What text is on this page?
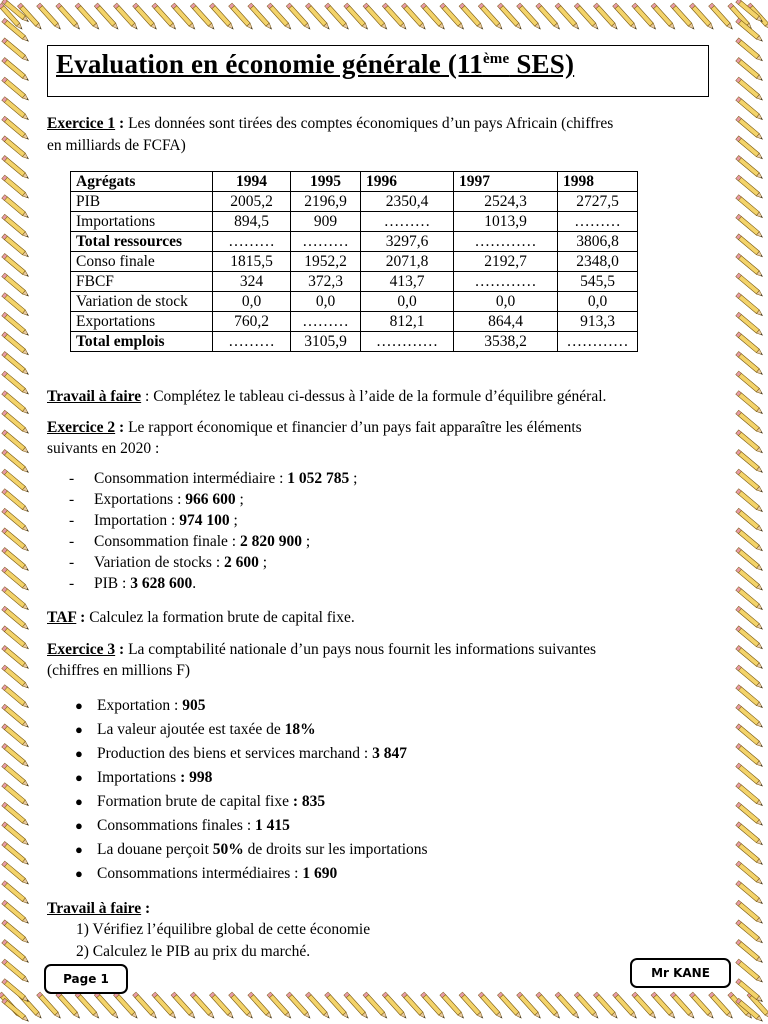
Evaluation en économie générale (11ème SES)
Exercice 1 : Les données sont tirées des comptes économiques d’un pays Africain (chiffres
en milliards de FCFA)
Agrégats	1994	1995	1996	1997	1998
PIB	2005,2	2196,9	2350,4	2524,3	2727,5
Importations	894,5	909	………	1013,9	………
Total ressources	………	………	3297,6	…………	3806,8
Conso finale	1815,5	1952,2	2071,8	2192,7	2348,0
FBCF	324	372,3	413,7	…………	545,5
Variation de stock	0,0	0,0	0,0	0,0	0,0
Exportations	760,2	………	812,1	864,4	913,3
Total emplois	………	3105,9	…………	3538,2	…………
Travail à faire : Complétez le tableau ci-dessus à l’aide de la formule d’équilibre général.
Exercice 2 : Le rapport économique et financier d’un pays fait apparaître les éléments
suivants en 2020 :
- Consommation intermédiaire : 1 052 785 ;
- Exportations : 966 600 ;
- Importation : 974 100 ;
- Consommation finale : 2 820 900 ;
- Variation de stocks : 2 600 ;
- PIB : 3 628 600.
TAF : Calculez la formation brute de capital fixe.
Exercice 3 : La comptabilité nationale d’un pays nous fournit les informations suivantes
(chiffres en millions F)
● Exportation : 905
● La valeur ajoutée est taxée de 18%
● Production des biens et services marchand : 3 847
● Importations : 998
● Formation brute de capital fixe : 835
● Consommations finales : 1 415
● La douane perçoit 50% de droits sur les importations
● Consommations intermédiaires : 1 690
Travail à faire :
1) Vérifiez l’équilibre global de cette économie
2) Calculez le PIB au prix du marché.
Page 1	Mr KANE
